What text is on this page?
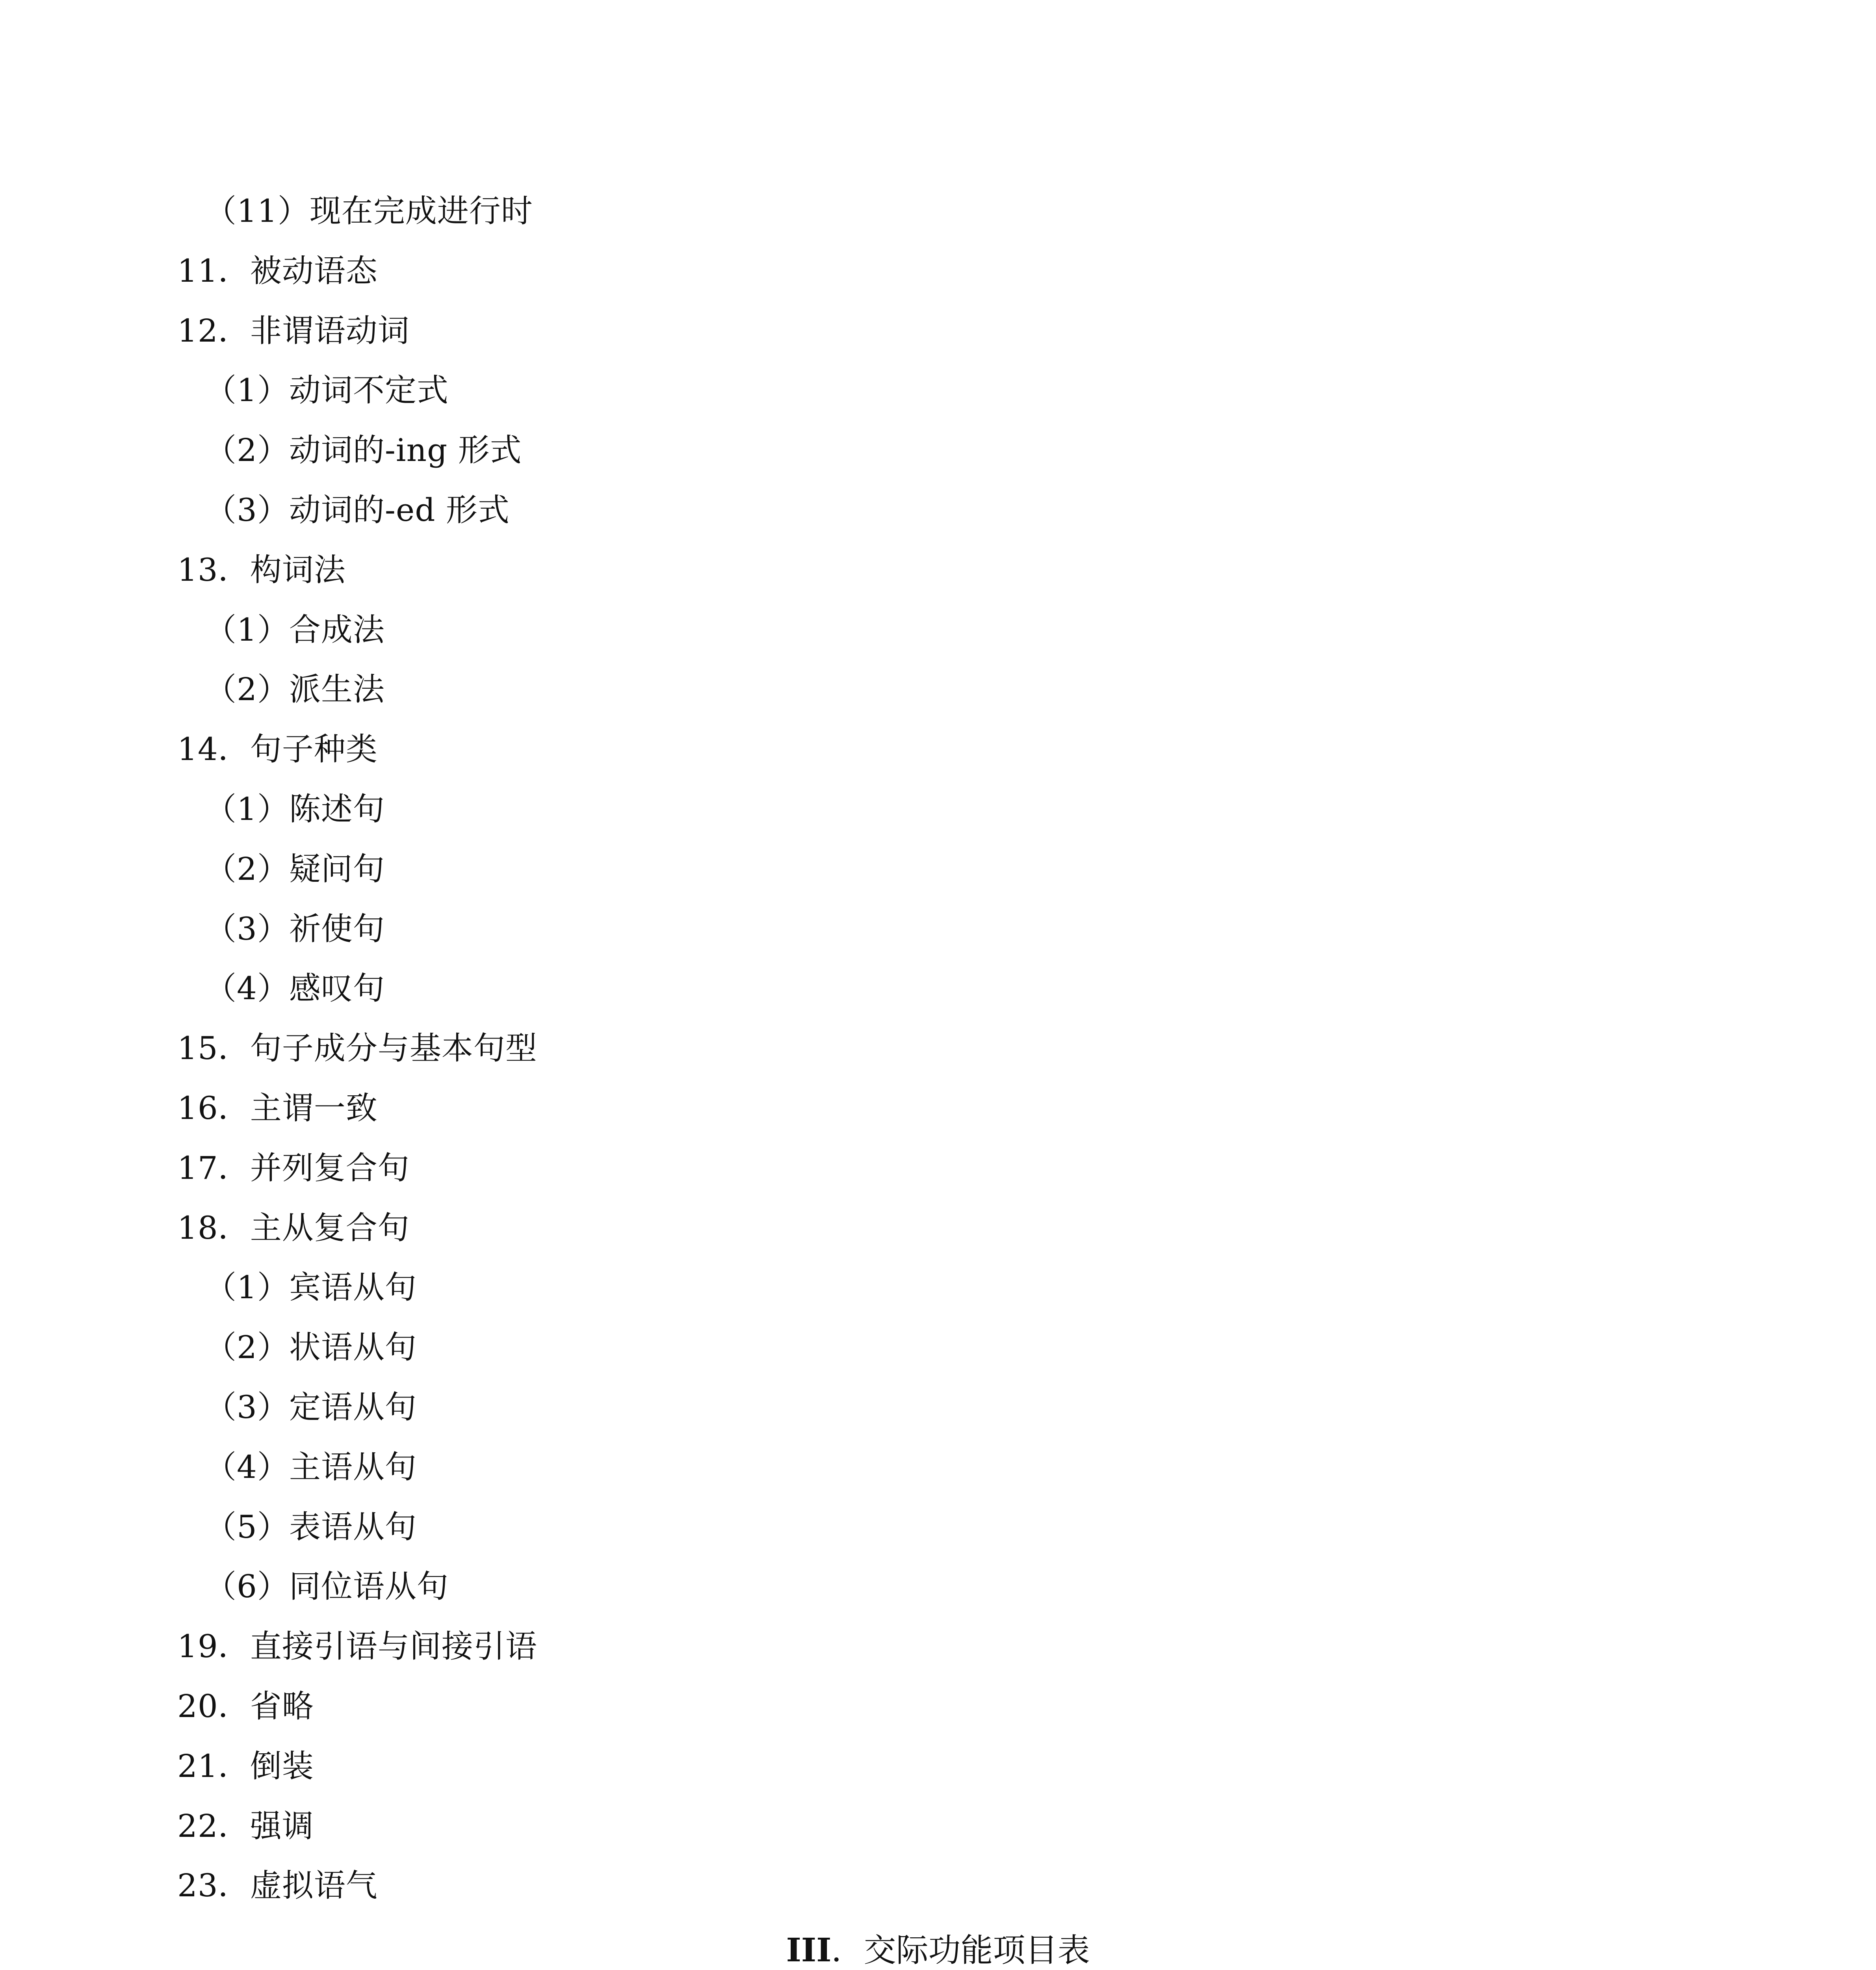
（11）现在完成进行时
11．被动语态
12．非谓语动词
（1）动词不定式
（2）动词的-ing 形式
（3）动词的-ed 形式
13．构词法
（1）合成法
（2）派生法
14．句子种类
（1）陈述句
（2）疑问句
（3）祈使句
（4）感叹句
15．句子成分与基本句型
16．主谓一致
17．并列复合句
18．主从复合句
（1）宾语从句
（2）状语从句
（3）定语从句
（4）主语从句
（5）表语从句
（6）同位语从句
19．直接引语与间接引语
20．省略
21．倒装
22．强调
23．虚拟语气
III．交际功能项目表
